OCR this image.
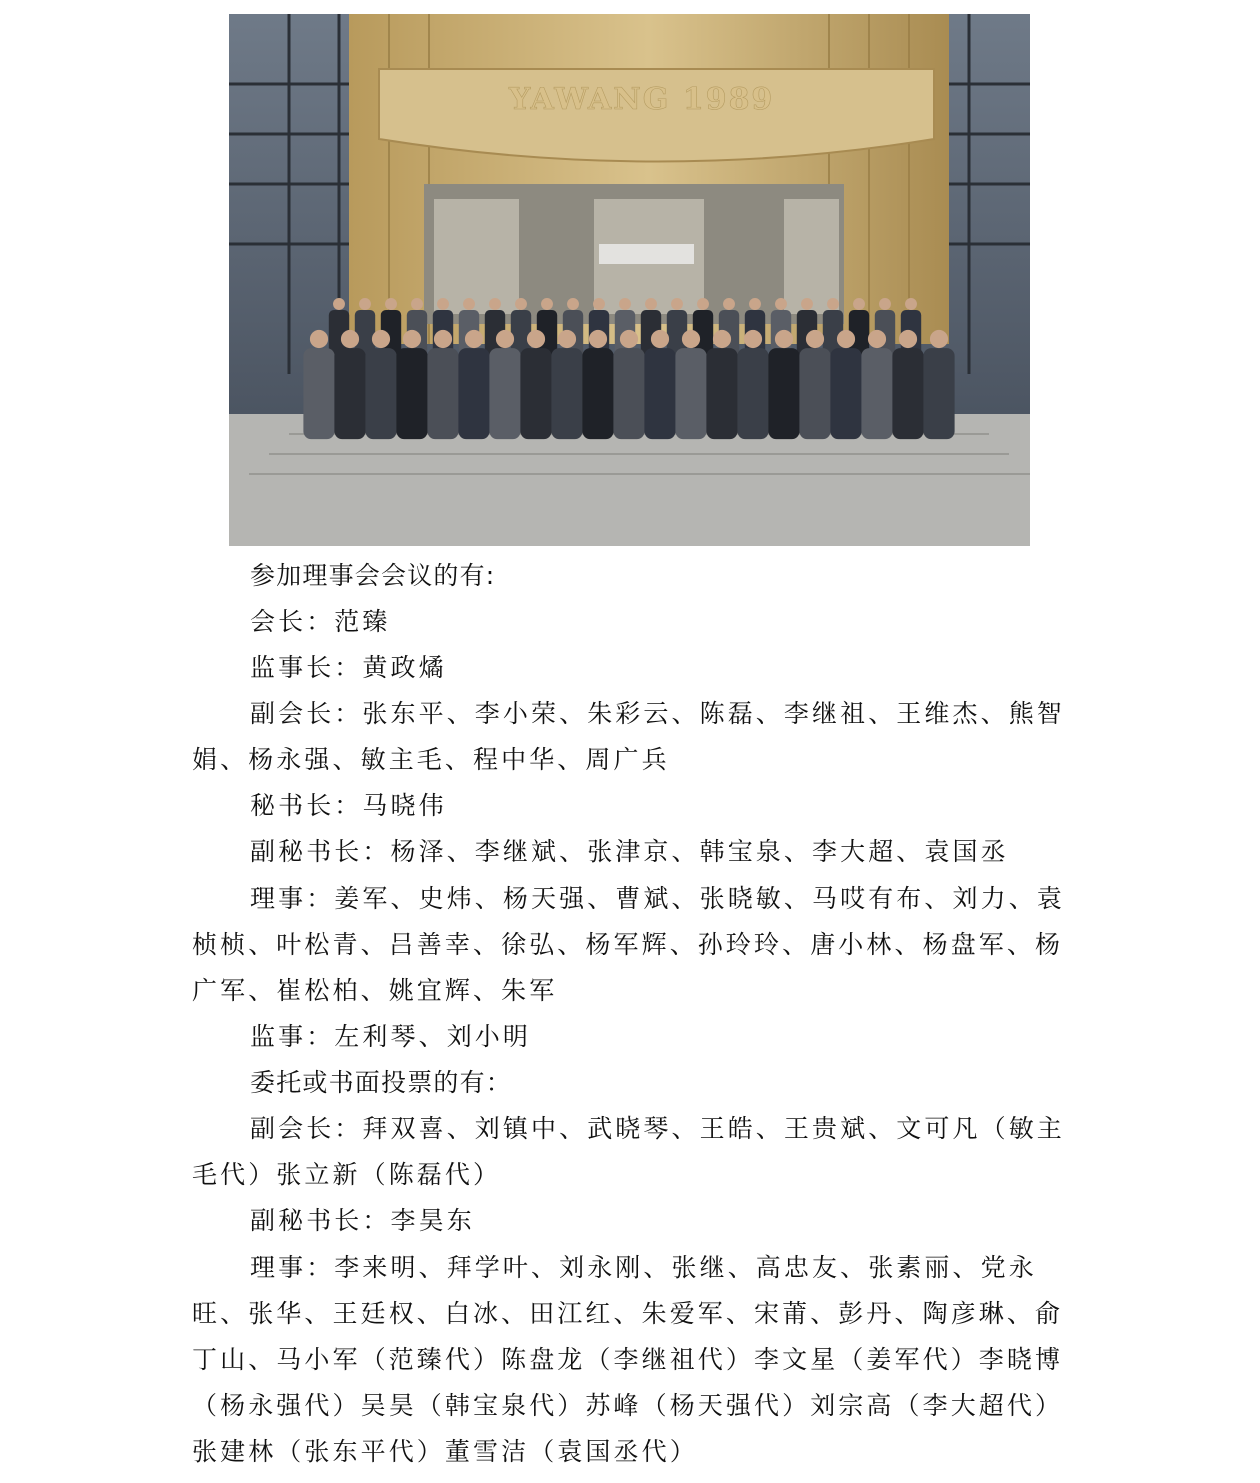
YAWANG 1989
参加理事会会议的有:
会长：范臻
监事长：黄政燏
副会长：张东平、李小荣、朱彩云、陈磊、李继祖、王维杰、熊智娟、杨永强、敏主毛、程中华、周广兵
秘书长：马晓伟
副秘书长：杨泽、李继斌、张津京、韩宝泉、李大超、袁国丞
理事：姜军、史炜、杨天强、曹斌、张晓敏、马哎有布、刘力、袁桢桢、叶松青、吕善幸、徐弘、杨军辉、孙玲玲、唐小林、杨盘军、杨广军、崔松柏、姚宜辉、朱军
监事：左利琴、刘小明
委托或书面投票的有：
副会长：拜双喜、刘镇中、武晓琴、王皓、王贵斌、文可凡（敏主毛代）张立新（陈磊代）
副秘书长：李昊东
理事：李来明、拜学叶、刘永刚、张继、高忠友、张素丽、党永旺、张华、王廷权、白冰、田江红、朱爱军、宋莆、彭丹、陶彦琳、俞丁山、马小军（范臻代）陈盘龙（李继祖代）李文星（姜军代）李晓博（杨永强代）吴昊（韩宝泉代）苏峰（杨天强代）刘宗高（李大超代）张建林（张东平代）董雪洁（袁国丞代）
